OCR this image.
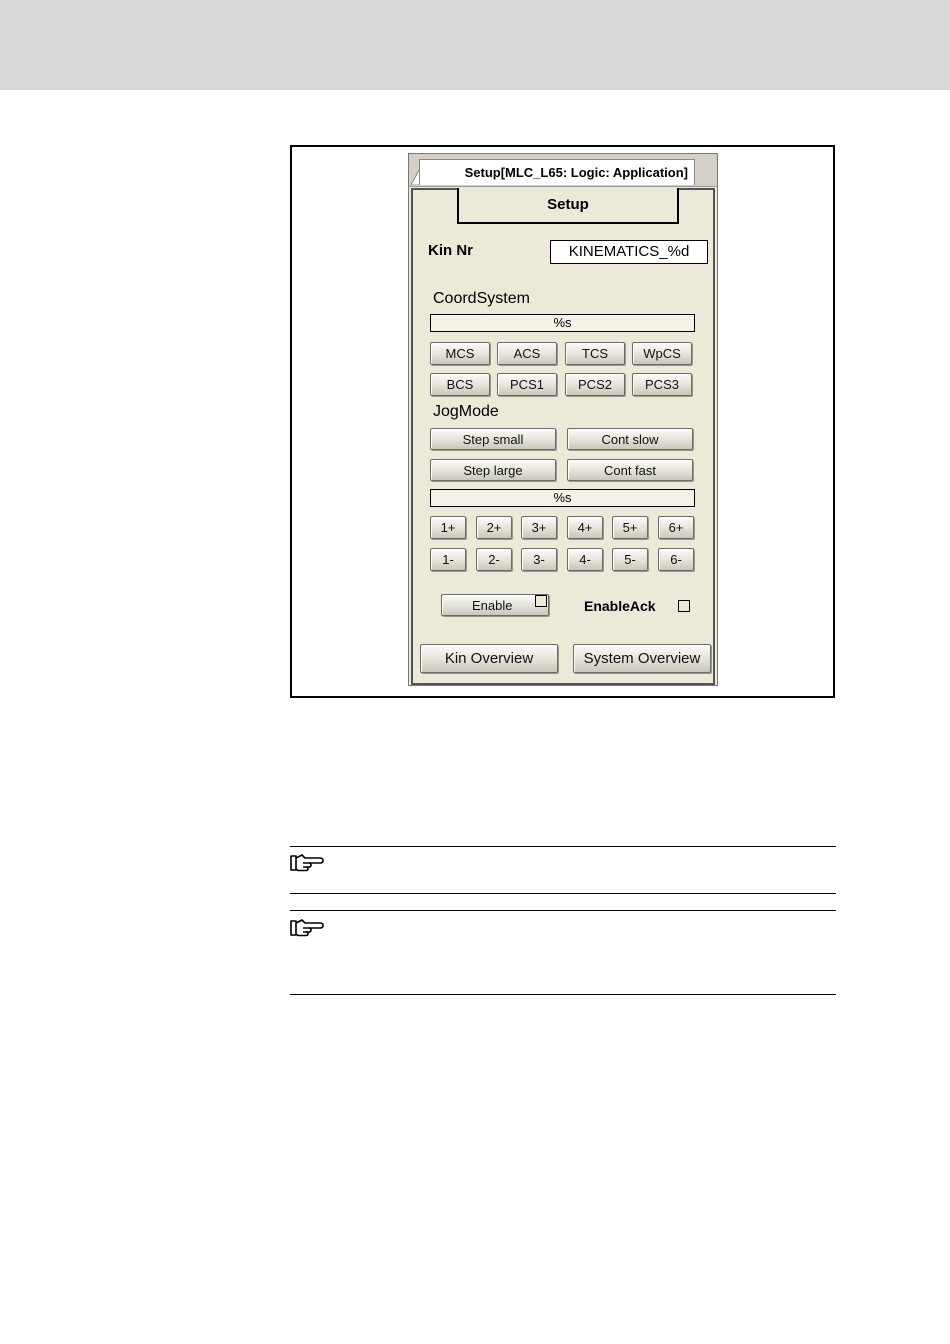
Setup[MLC_L65: Logic: Application]
Setup
Kin Nr	KINEMATICS_%d
CoordSystem
%s
MCS	ACS	TCS	WpCS
BCS	PCS1	PCS2	PCS3
JogMode
Step small	Cont slow
Step large	Cont fast
%s
1+	2+	3+	4+	5+	6+
1-	2-	3-	4-	5-	6-
Enable	EnableAck
Kin Overview	System Overview
